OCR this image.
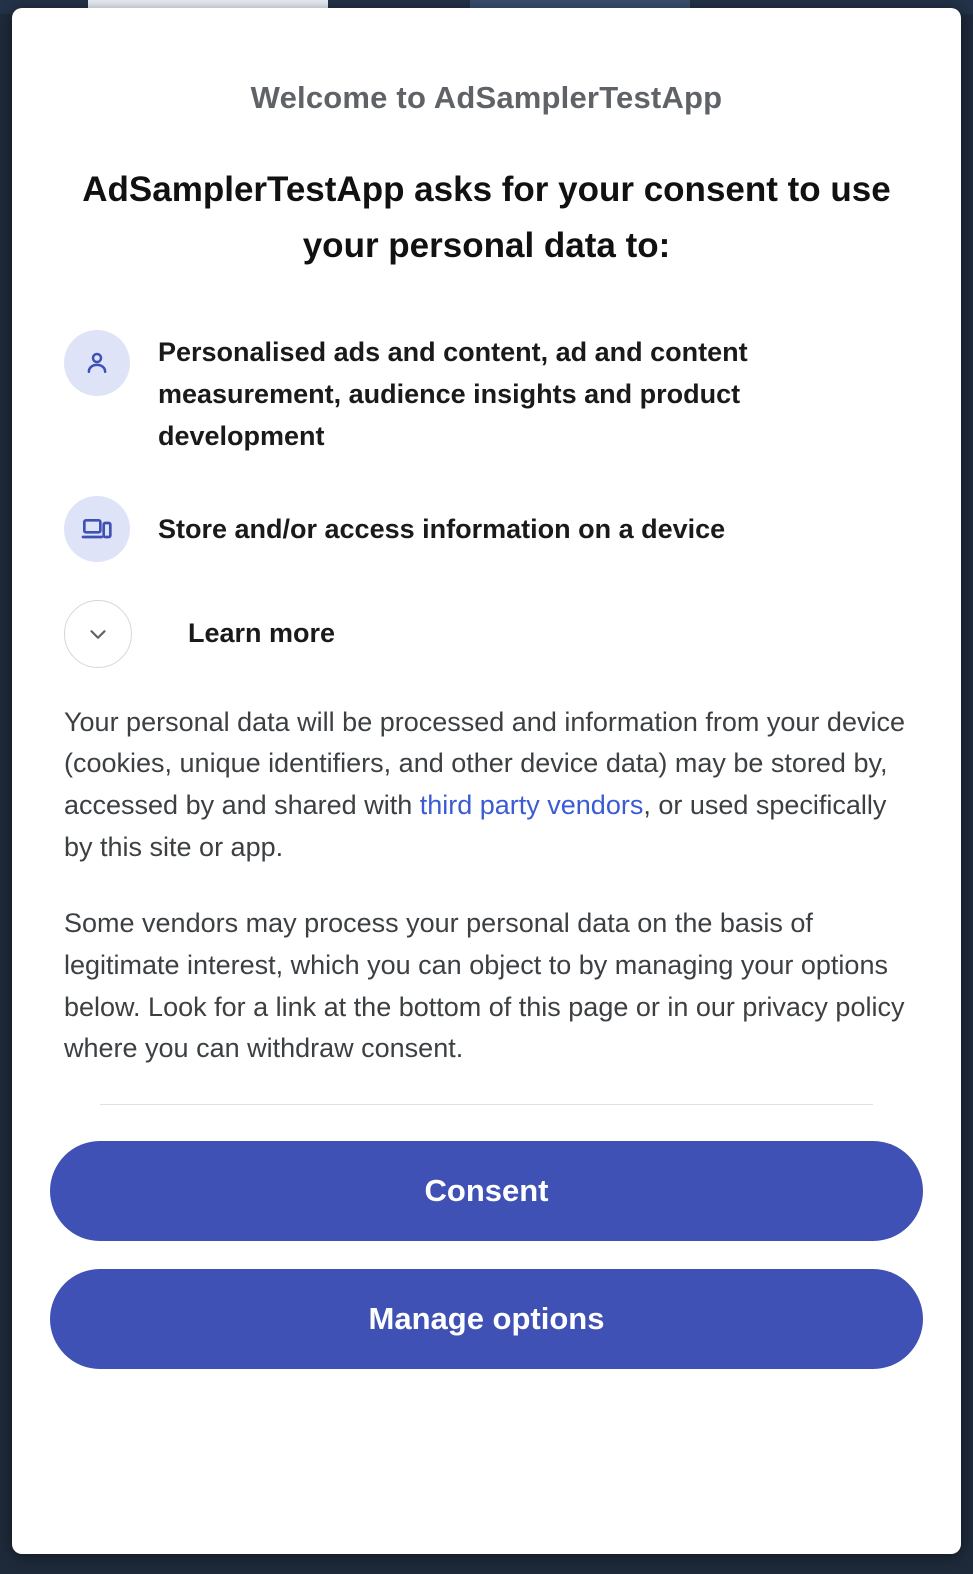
Welcome to AdSamplerTestApp
AdSamplerTestApp asks for your consent to use your personal data to:
Personalised ads and content, ad and content measurement, audience insights and product development
Store and/or access information on a device
Learn more
Your personal data will be processed and information from your device (cookies, unique identifiers, and other device data) may be stored by, accessed by and shared with third party vendors, or used specifically by this site or app.
Some vendors may process your personal data on the basis of legitimate interest, which you can object to by managing your options below. Look for a link at the bottom of this page or in our privacy policy where you can withdraw consent.
Consent
Manage options
